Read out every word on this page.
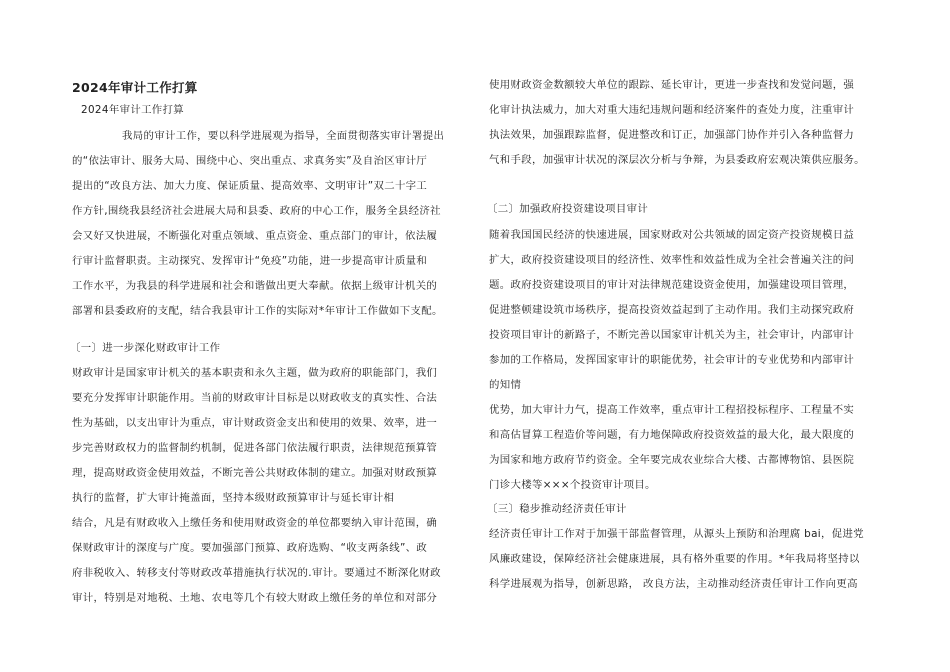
2024年审计工作打算
2024年审计工作打算
我局的审计工作，要以科学进展观为指导，全面贯彻落实审计署提出
的“依法审计、服务大局、围绕中心、突出重点、求真务实”及自治区审计厅
提出的“改良方法、加大力度、保证质量、提高效率、文明审计”双二十字工
作方针,围绕我县经济社会进展大局和县委、政府的中心工作，服务全县经济社
会又好又快进展，不断强化对重点领域、重点资金、重点部门的审计，依法履
行审计监督职责。主动探究、发挥审计“免疫”功能，进一步提高审计质量和
工作水平，为我县的科学进展和社会和谐做出更大奉献。依据上级审计机关的
部署和县委政府的支配，结合我县审计工作的实际对*年审计工作做如下支配。
〔一〕进一步深化财政审计工作
财政审计是国家审计机关的基本职责和永久主题，做为政府的职能部门，我们
要充分发挥审计职能作用。当前的财政审计目标是以财政收支的真实性、合法
性为基础，以支出审计为重点，审计财政资金支出和使用的效果、效率，进一
步完善财政权力的监督制约机制，促进各部门依法履行职责，法律规范预算管
理，提高财政资金使用效益，不断完善公共财政体制的建立。加强对财政预算
执行的监督，扩大审计掩盖面，坚持本级财政预算审计与延长审计相
结合，凡是有财政收入上缴任务和使用财政资金的单位都要纳入审计范围，确
保财政审计的深度与广度。要加强部门预算、政府选购、“收支两条线”、政
府非税收入、转移支付等财政改革措施执行状况的.审计。要通过不断深化财政
审计，特别是对地税、土地、农电等几个有较大财政上缴任务的单位和对部分
使用财政资金数额较大单位的跟踪、延长审计，更进一步查找和发觉问题，强
化审计执法威力，加大对重大违纪违规问题和经济案件的查处力度，注重审计
执法效果，加强跟踪监督，促进整改和订正，加强部门协作并引入各种监督力
气和手段，加强审计状况的深层次分析与争辩，为县委政府宏观决策供应服务。
〔二〕加强政府投资建设项目审计
随着我国国民经济的快速进展，国家财政对公共领域的固定资产投资规模日益
扩大，政府投资建设项目的经济性、效率性和效益性成为全社会普遍关注的问
题。政府投资建设项目的审计对法律规范建设资金使用，加强建设项目管理，
促进整顿建设筑市场秩序，提高投资效益起到了主动作用。我们主动探究政府
投资项目审计的新路子，不断完善以国家审计机关为主，社会审计，内部审计
参加的工作格局，发挥国家审计的职能优势，社会审计的专业优势和内部审计
的知情
优势，加大审计力气，提高工作效率，重点审计工程招投标程序、工程量不实
和高估冒算工程造价等问题，有力地保障政府投资效益的最大化，最大限度的
为国家和地方政府节约资金。全年要完成农业综合大楼、古都博物馆、县医院
门诊大楼等×××个投资审计项目。
〔三〕稳步推动经济责任审计
经济责任审计工作对于加强干部监督管理，从源头上预防和治理腐 bai，促进党
风廉政建设，保障经济社会健康进展，具有格外重要的作用。*年我局将坚持以
科学进展观为指导，创新思路， 改良方法，主动推动经济责任审计工作向更高
